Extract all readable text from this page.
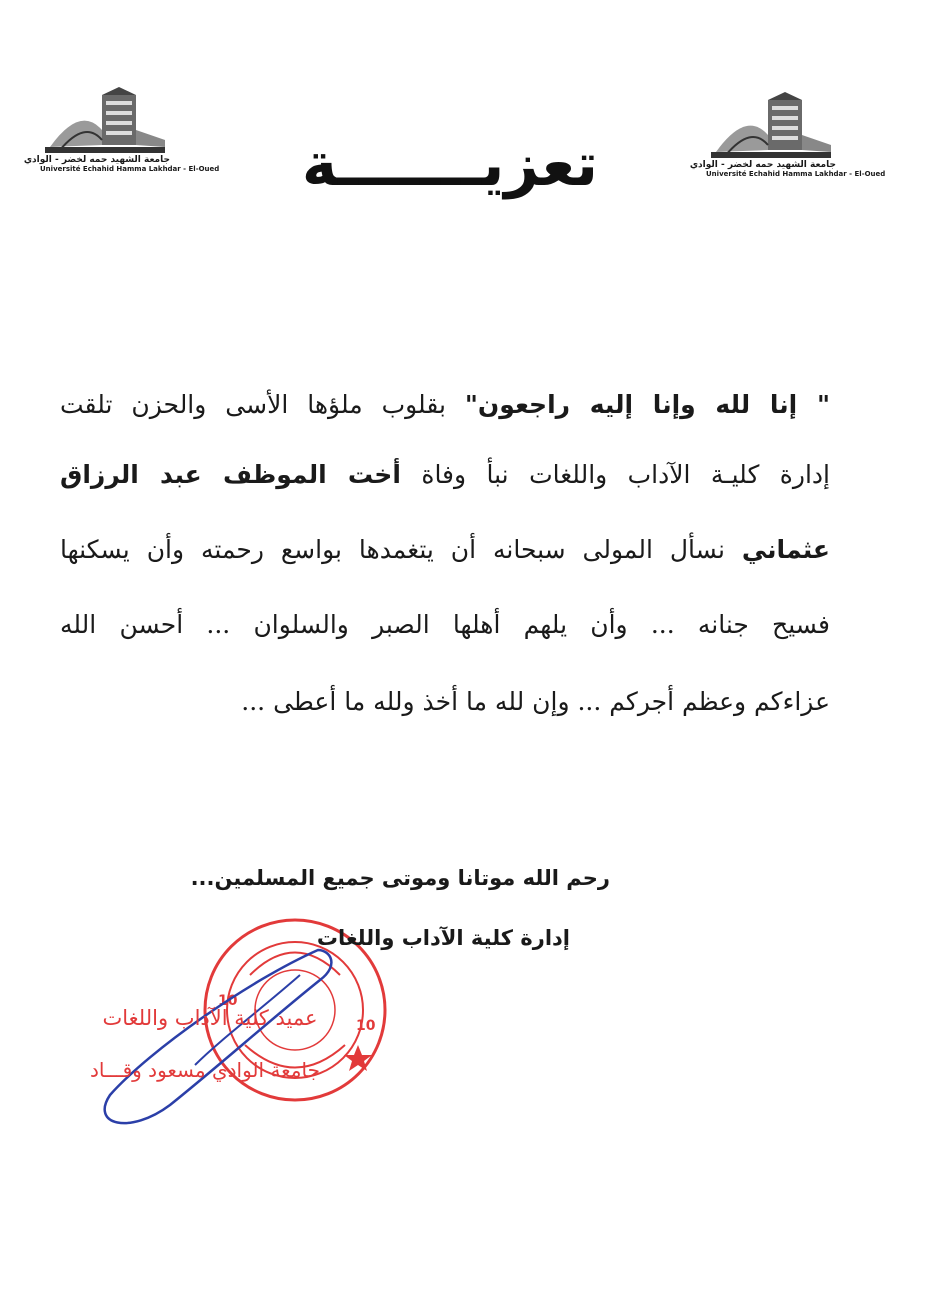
جامعة الشهيد حمه لخضر - الوادي
Université Echahid Hamma Lakhdar - El-Oued	جامعة الشهيد حمه لخضر - الوادي
Université Echahid Hamma Lakhdar - El-Oued
تعزيـــــــة
" إنا لله وإنا إليه راجعون" بقلوب ملؤها الأسى والحزن تلقت
إدارة كليـة الآداب واللغات نبأ وفاة أخت الموظف عبد الرزاق
عثماني نسأل المولى سبحانه أن يتغمدها بواسع رحمته وأن يسكنها
فسيح جنانه ... وأن يلهم أهلها الصبر والسلوان ... أحسن الله
عزاءكم وعظم أجركم ... وإن لله ما أخذ ولله ما أعطى ...
رحم الله موتانا وموتى جميع المسلمين...
10
10
إدارة كلية الآداب واللغات
عميد كلية الآداب واللغات
جامعة الوادي مسعود وقـــاد
